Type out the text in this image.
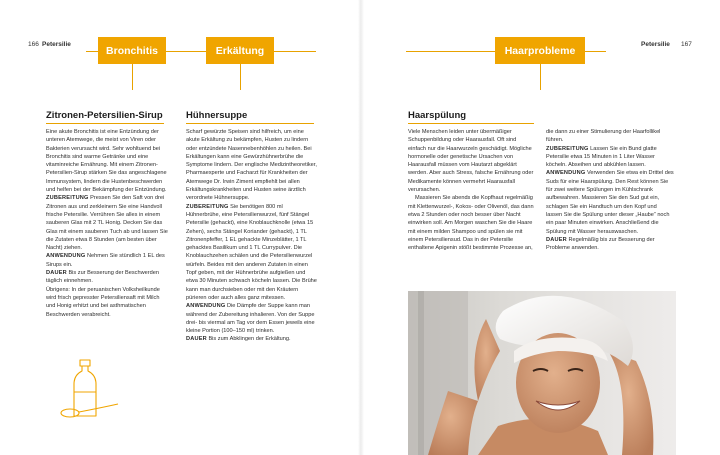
166 Petersilie	Bronchitis	Erkältung
Zitronen-Petersilien-Sirup Hühnersuppe

Eine akute Bronchitis ist eine Entzündung der unteren Atemwege, die meist von Viren oder Bakterien verursacht wird. Sehr wohltuend bei Bronchitis sind warme Getränke und eine vitaminreiche Ernährung. Mit einem Zitronen-Petersilien-Sirup stärken Sie das angeschlagene Immunsystem, lindern die Hustenbeschwerden und helfen bei der Bekämpfung der Entzündung.

ZUBEREITUNG Pressen Sie den Saft von drei Zitronen aus und zerkleinern Sie eine Handvoll frische Petersilie. Verrühren Sie alles in einem sauberen Glas mit 2 TL Honig. Decken Sie das Glas mit einem sauberen Tuch ab und lassen Sie die Zutaten etwa 8 Stunden (am besten über Nacht) ziehen.

ANWENDUNG Nehmen Sie stündlich 1 EL des Sirups ein.

DAUER Bis zur Besserung der Beschwerden täglich einnehmen.

Übrigens: In der peruanischen Volksheilkunde wird frisch gepresster Petersiliensaft mit Milch und Honig erhitzt und bei asthmatischen Beschwerden verabreicht.

Scharf gewürzte Speisen sind hilfreich, um eine akute Erkältung zu bekämpfen, Husten zu lindern oder entzündete Nasennebenhöhlen zu heilen. Bei Erkältungen kann eine Gewürzhühnerbrühe die Symptome lindern. Der englische Medizintheoretiker, Pharmaexperte und Facharzt für Krankheiten der Atemwege Dr. Irwin Ziment empfiehlt bei allen Erkältungskrankheiten und Husten seine ärztlich verordnete Hühnersuppe.

ZUBEREITUNG Sie benötigen 800 ml Hühnerbrühe, eine Petersilienwurzel, fünf Stängel Petersilie (gehackt), eine Knoblauchknolle (etwa 15 Zehen), sechs Stängel Koriander (gehackt), 1 TL Zitronenpfeffer, 1 EL gehackte Minzeblätter, 1 TL gehacktes Basilikum und 1 TL Currypulver. Die Knoblauchzehen schälen und die Petersilienwurzel würfeln. Beides mit den anderen Zutaten in einen Topf geben, mit der Hühnerbrühe aufgießen und etwa 30 Minuten schwach köcheln lassen. Die Brühe kann man durchsieben oder mit den Kräutern pürieren oder auch alles ganz mitessen.

ANWENDUNG Die Dämpfe der Suppe kann man während der Zubereitung inhalieren. Von der Suppe drei- bis viermal am Tag vor dem Essen jeweils eine kleine Portion (100–150 ml) trinken.

DAUER Bis zum Abklingen der Erkältung.

Haarprobleme	Petersilie 167
Haarspülung

Viele Menschen leiden unter übermäßiger Schuppenbildung oder Haarausfall. Oft sind einfach nur die Haarwurzeln geschädigt. Mögliche hormonelle oder genetische Ursachen von Haarausfall müssen vom Hautarzt abgeklärt werden. Aber auch Stress, falsche Ernährung oder Medikamente können vermehrt Haarausfall verursachen.

Massieren Sie abends die Kopfhaut regelmäßig mit Klettenwurzel-, Kokos- oder Olivenöl, das dann etwa 2 Stunden oder noch besser über Nacht einwirken soll. Am Morgen waschen Sie die Haare mit einem milden Shampoo und spülen sie mit einem Petersiliensud. Das in der Petersilie enthaltene Apigenin stößt bestimmte Prozesse an,

die dann zu einer Stimulierung der Haarfollikel führen.

ZUBEREITUNG Lassen Sie ein Bund glatte Petersilie etwa 15 Minuten in 1 Liter Wasser köcheln. Abseihen und abkühlen lassen.

ANWENDUNG Verwenden Sie etwa ein Drittel des Suds für eine Haarspülung. Den Rest können Sie für zwei weitere Spülungen im Kühlschrank aufbewahren. Massieren Sie den Sud gut ein, schlagen Sie ein Handtuch um den Kopf und lassen Sie die Spülung unter dieser „Haube“ noch ein paar Minuten einwirken. Anschließend die Spülung mit Wasser herauswaschen.

DAUER Regelmäßig bis zur Besserung der Probleme anwenden.
